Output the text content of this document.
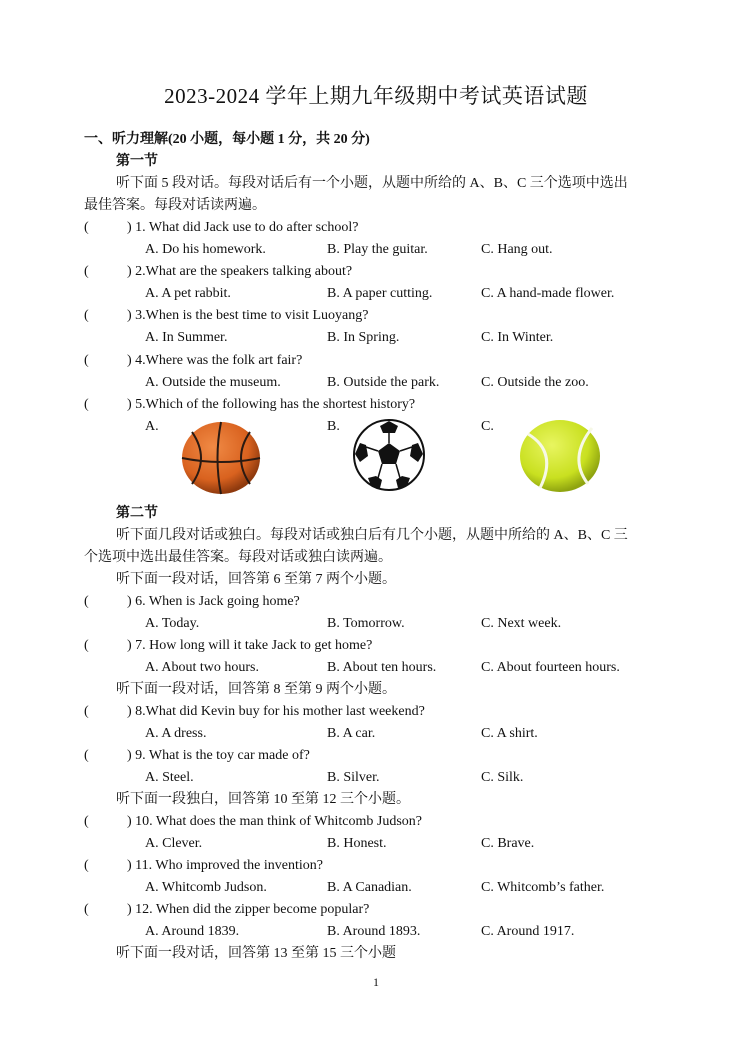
2023-2024 学年上期九年级期中考试英语试题
一、听力理解(20 小题，每小题 1 分，共 20 分)
第一节
听下面 5 段对话。每段对话后有一个小题，从题中所给的 A、B、C 三个选项中选出
最佳答案。每段对话读两遍。
(	) 1. What did Jack use to do after school?
A. Do his homework.	B. Play the guitar.	C. Hang out.
(	) 2.What are the speakers talking about?
A. A pet rabbit.	B. A paper cutting.	C. A hand-made flower.
(	) 3.When is the best time to visit Luoyang?
A. In Summer.	B. In Spring.	C. In Winter.
(	) 4.Where was the folk art fair?
A. Outside the museum.	B. Outside the park.	C. Outside the zoo.
(	) 5.Which of the following has the shortest history?
A.	B.	C.
第二节
听下面几段对话或独白。每段对话或独白后有几个小题，从题中所给的 A、B、C 三
个选项中选出最佳答案。每段对话或独白读两遍。
听下面一段对话，回答第 6 至第 7 两个小题。
(	) 6. When is Jack going home?
A. Today.	B. Tomorrow.	C. Next week.
(	) 7. How long will it take Jack to get home?
A. About two hours.	B. About ten hours.	C. About fourteen hours.
听下面一段对话，回答第 8 至第 9 两个小题。
(	) 8.What did Kevin buy for his mother last weekend?
A. A dress.	B. A car.	C. A shirt.
(	) 9. What is the toy car made of?
A. Steel.	B. Silver.	C. Silk.
听下面一段独白，回答第 10 至第 12 三个小题。
(	) 10. What does the man think of Whitcomb Judson?
A. Clever.	B. Honest.	C. Brave.
(	) 11. Who improved the invention?
A. Whitcomb Judson.	B. A Canadian.	C. Whitcomb’s father.
(	) 12. When did the zipper become popular?
A. Around 1839.	B. Around 1893.	C. Around 1917.
听下面一段对话，回答第 13 至第 15 三个小题
1
